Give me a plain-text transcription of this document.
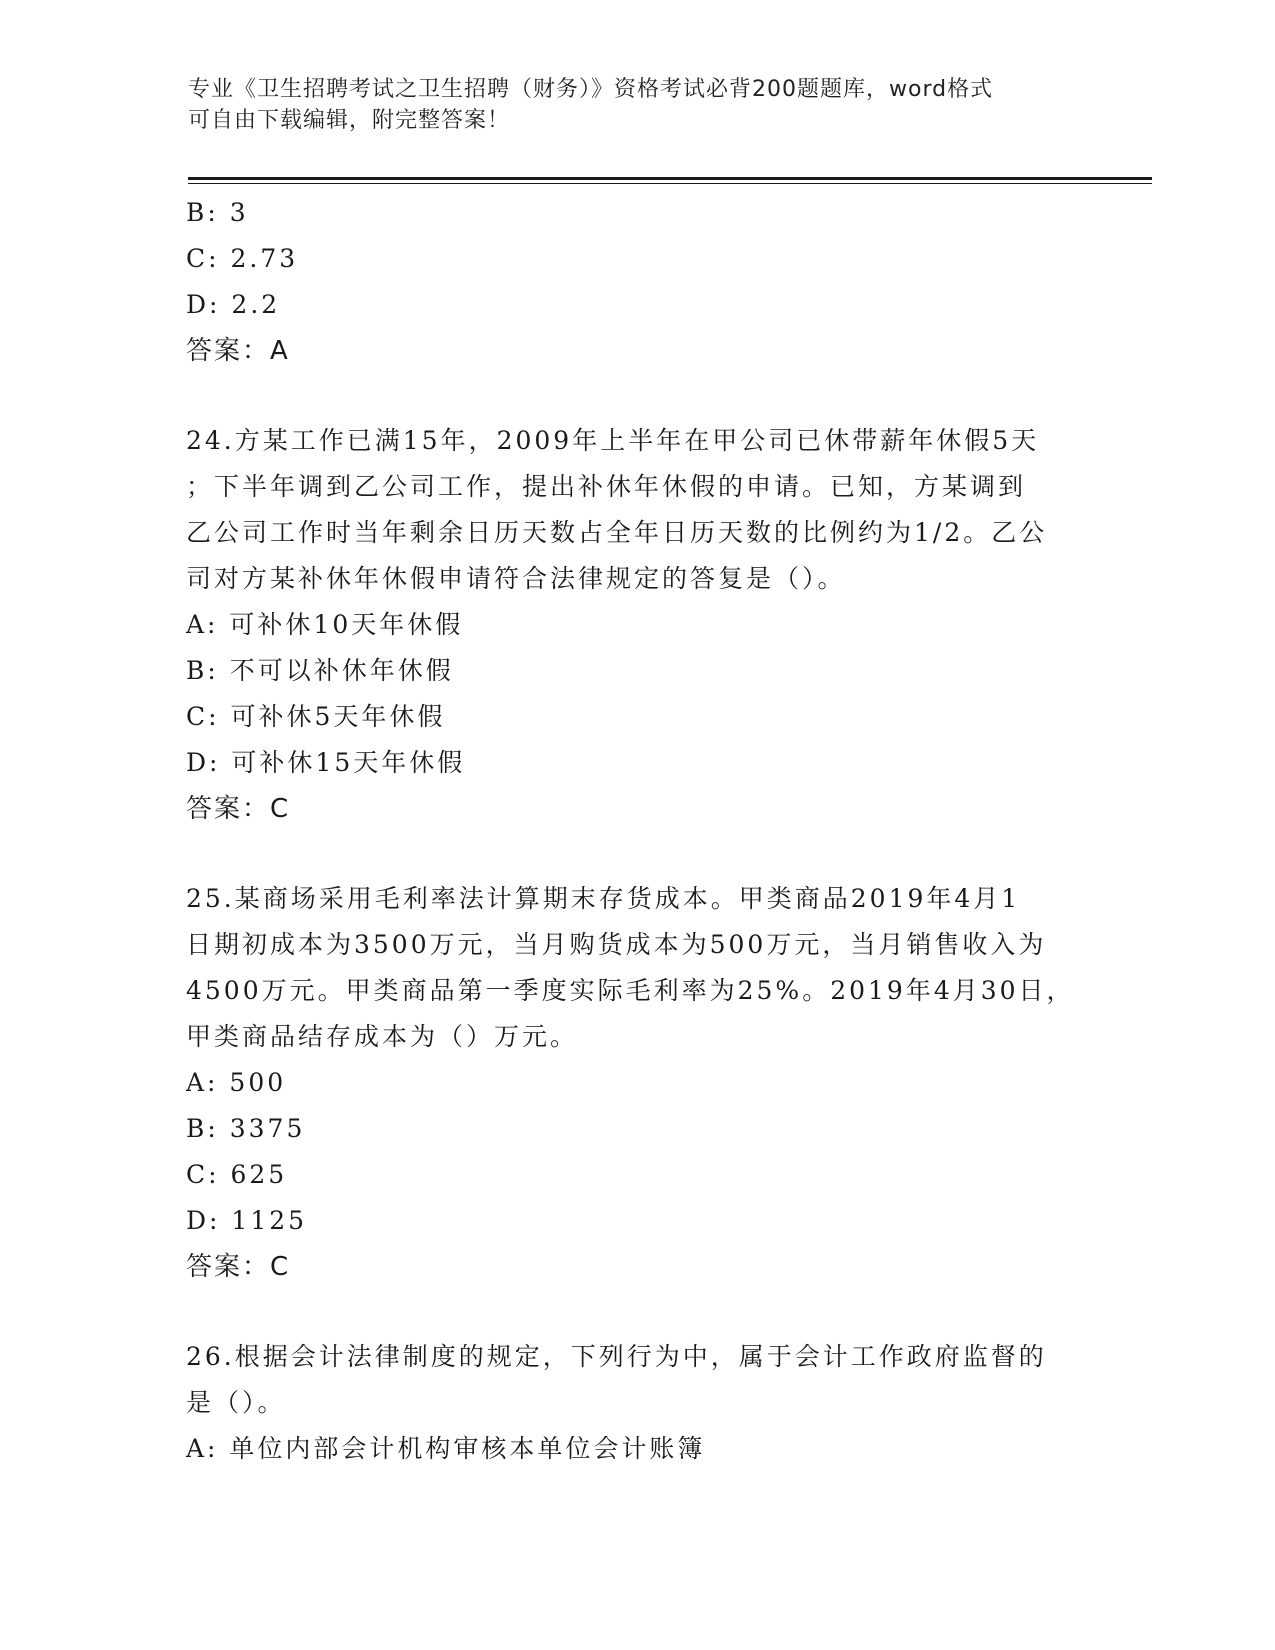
专业《卫生招聘考试之卫生招聘（财务）》资格考试必背200题题库，word格式
可自由下载编辑，附完整答案！
B: 3
C: 2.73
D: 2.2
答案：A
24.方某工作已满15年，2009年上半年在甲公司已休带薪年休假5天
；下半年调到乙公司工作，提出补休年休假的申请。已知，方某调到
乙公司工作时当年剩余日历天数占全年日历天数的比例约为1/2。乙公
司对方某补休年休假申请符合法律规定的答复是（）。
A: 可补休10天年休假
B: 不可以补休年休假
C: 可补休5天年休假
D: 可补休15天年休假
答案：C
25.某商场采用毛利率法计算期末存货成本。甲类商品2019年4月1
日期初成本为3500万元，当月购货成本为500万元，当月销售收入为
4500万元。甲类商品第一季度实际毛利率为25%。2019年4月30日，
甲类商品结存成本为（）万元。
A: 500
B: 3375
C: 625
D: 1125
答案：C
26.根据会计法律制度的规定，下列行为中，属于会计工作政府监督的
是（）。
A: 单位内部会计机构审核本单位会计账簿
